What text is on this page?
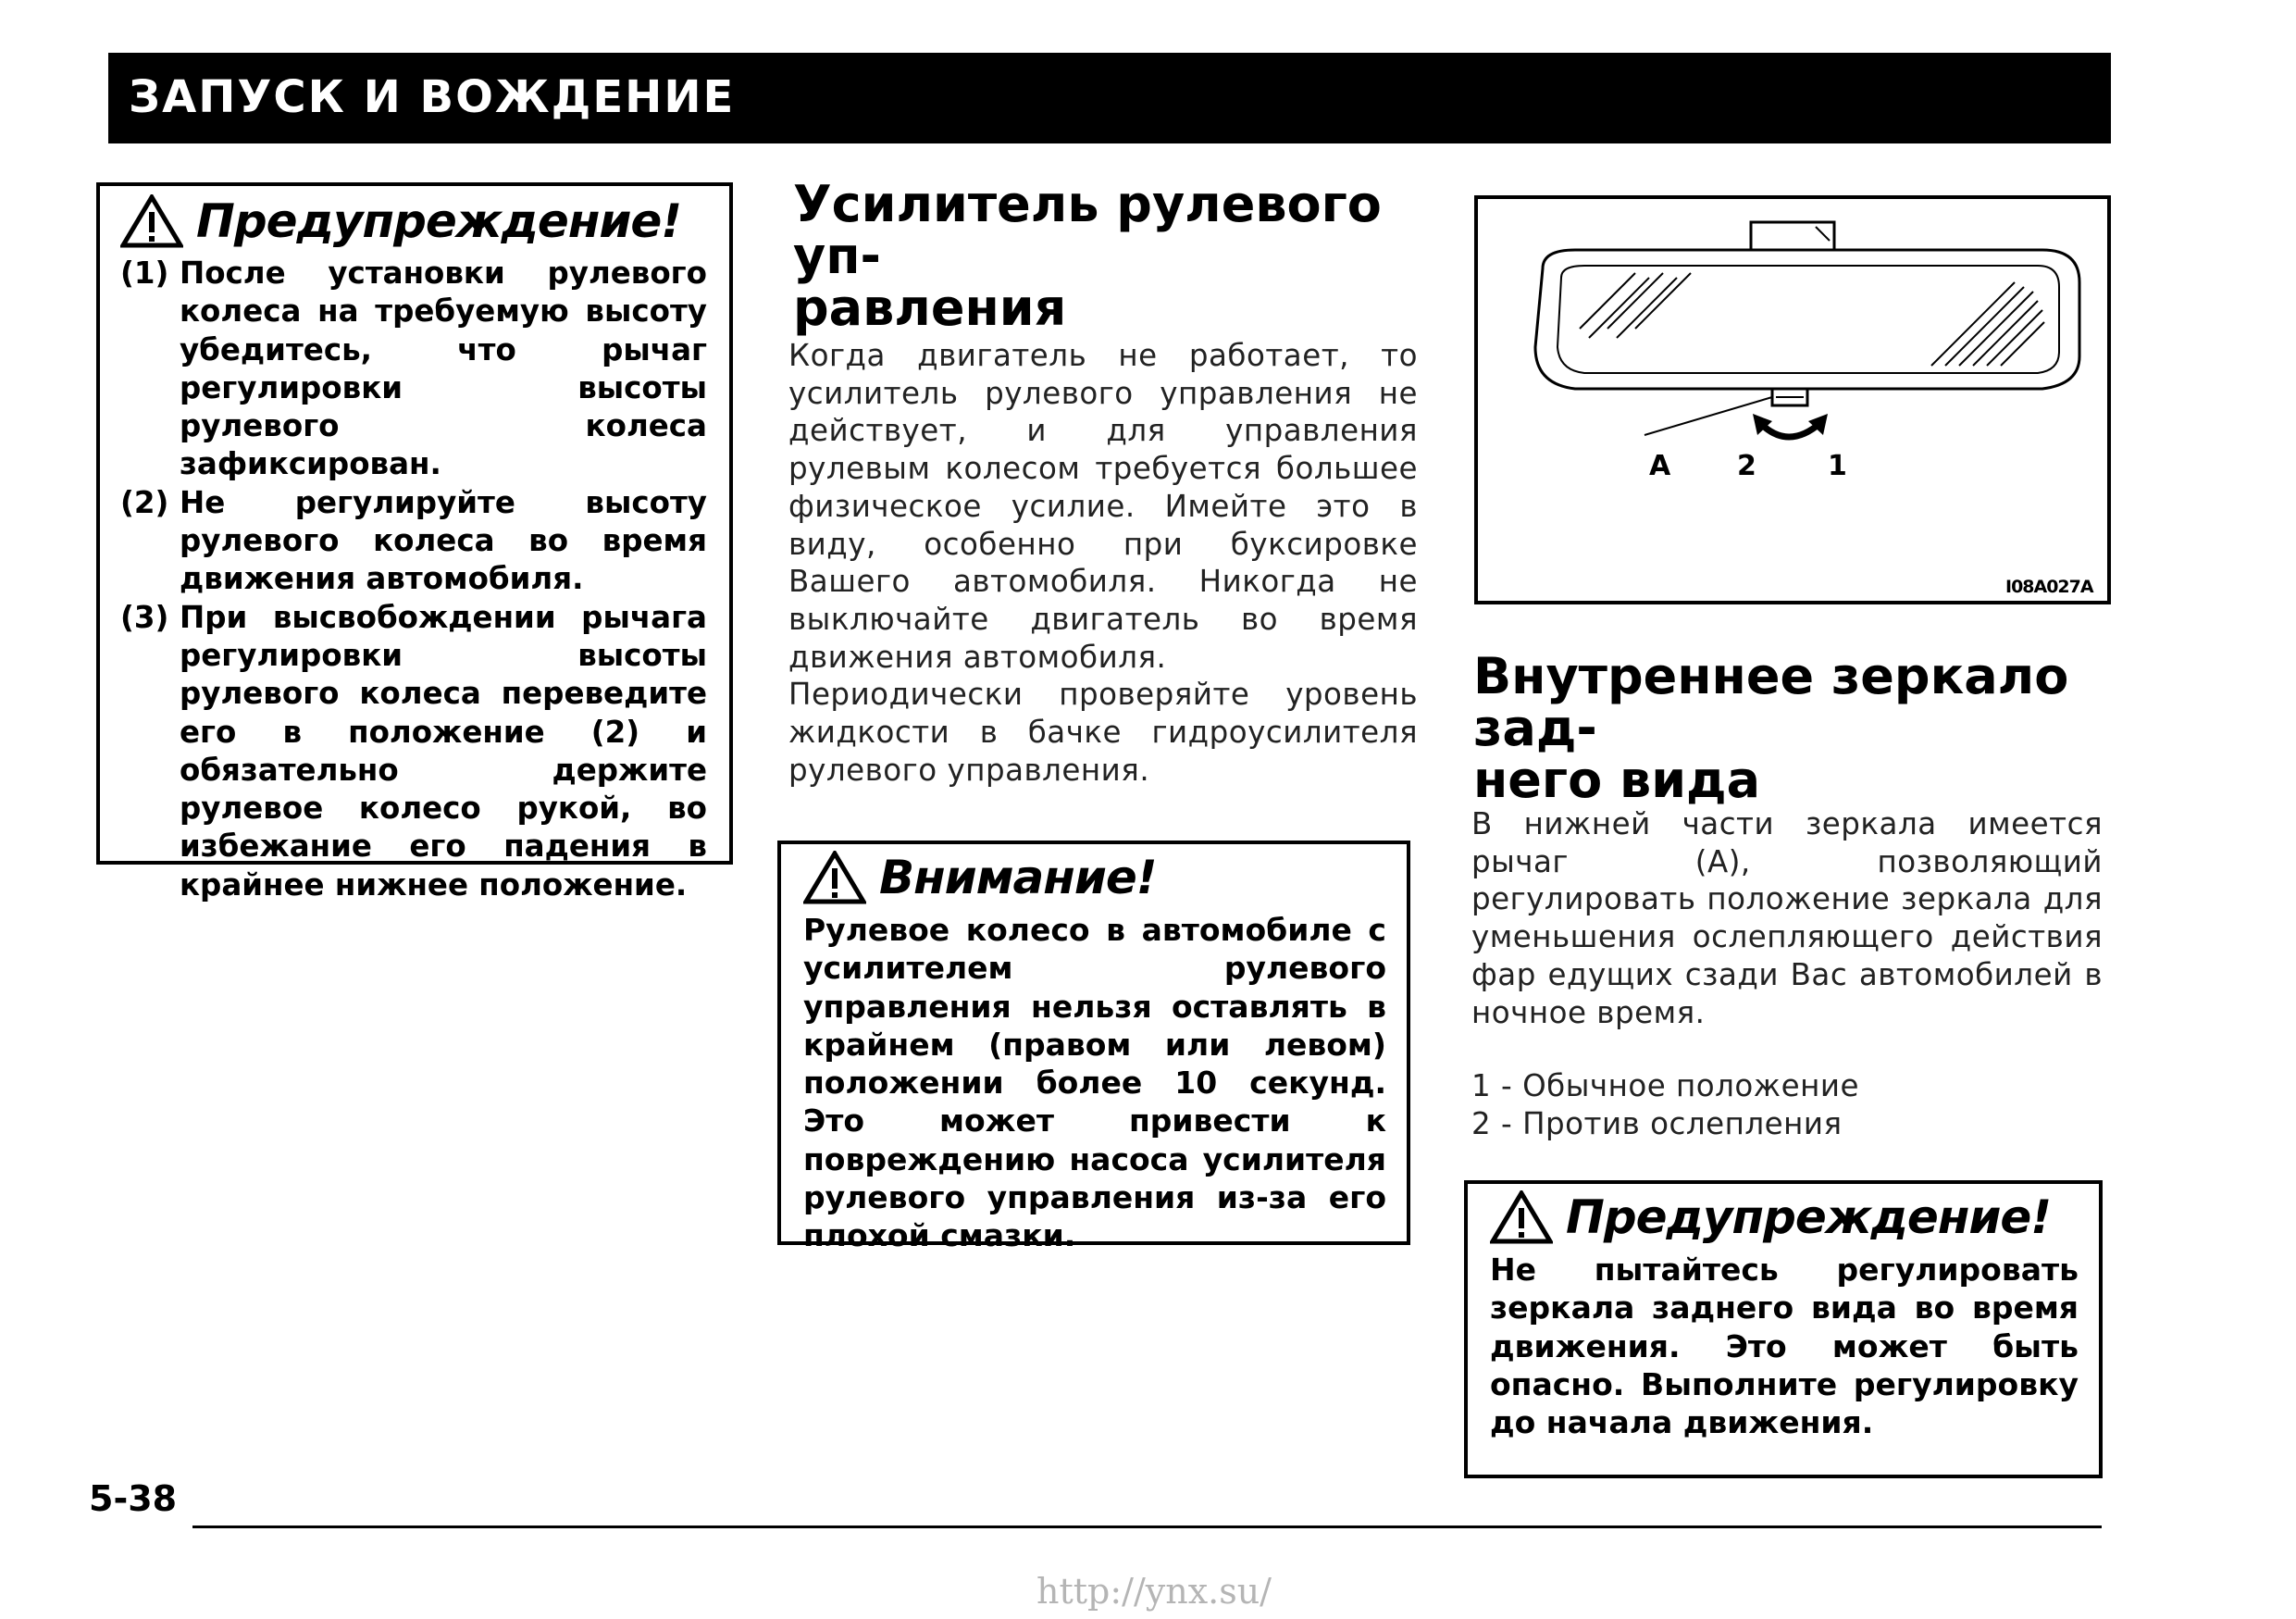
ЗАПУСК И ВОЖДЕНИЕ
Предупреждение!
(1) После установки рулевого колеса на требуемую высоту убедитесь, что рычаг регулировки высоты рулевого колеса зафиксирован.
(2) Не регулируйте высоту рулевого колеса во время движения автомобиля.
(3) При высвобождении рычага регулировки высоты рулевого колеса переведите его в положение (2) и обязательно держите рулевое колесо рукой, во избежание его падения в крайнее нижнее положение.
Усилитель рулевого уп-
равления

Когда двигатель не работает, то усилитель рулевого управления не действует, и для управления рулевым колесом требуется большее физическое усилие. Имейте это в виду, особенно при буксировке Вашего автомобиля. Никогда не выключайте двигатель во время движения автомобиля.

Периодически проверяйте уровень жидкости в бачке гидроусилителя рулевого управления.

Внимание!
Рулевое колесо в автомобиле с усилителем рулевого управления нельзя оставлять в крайнем (правом или левом) положении более 10 секунд. Это может привести к повреждению насоса усилителя рулевого управления из-за его плохой смазки.
A 2	1
I08A027A
Внутреннее зеркало зад-
него вида

В нижней части зеркала имеется рычаг (А), позволяющий регулировать положение зеркала для уменьшения ослепляющего действия фар едущих сзади Вас автомобилей в ночное время.

1 - Обычное положение
2 - Против ослепления
Предупреждение!
Не пытайтесь регулировать зеркала заднего вида во время движения. Это может быть опасно. Выполните регулировку до начала движения.
5-38
http://ynx.su/
